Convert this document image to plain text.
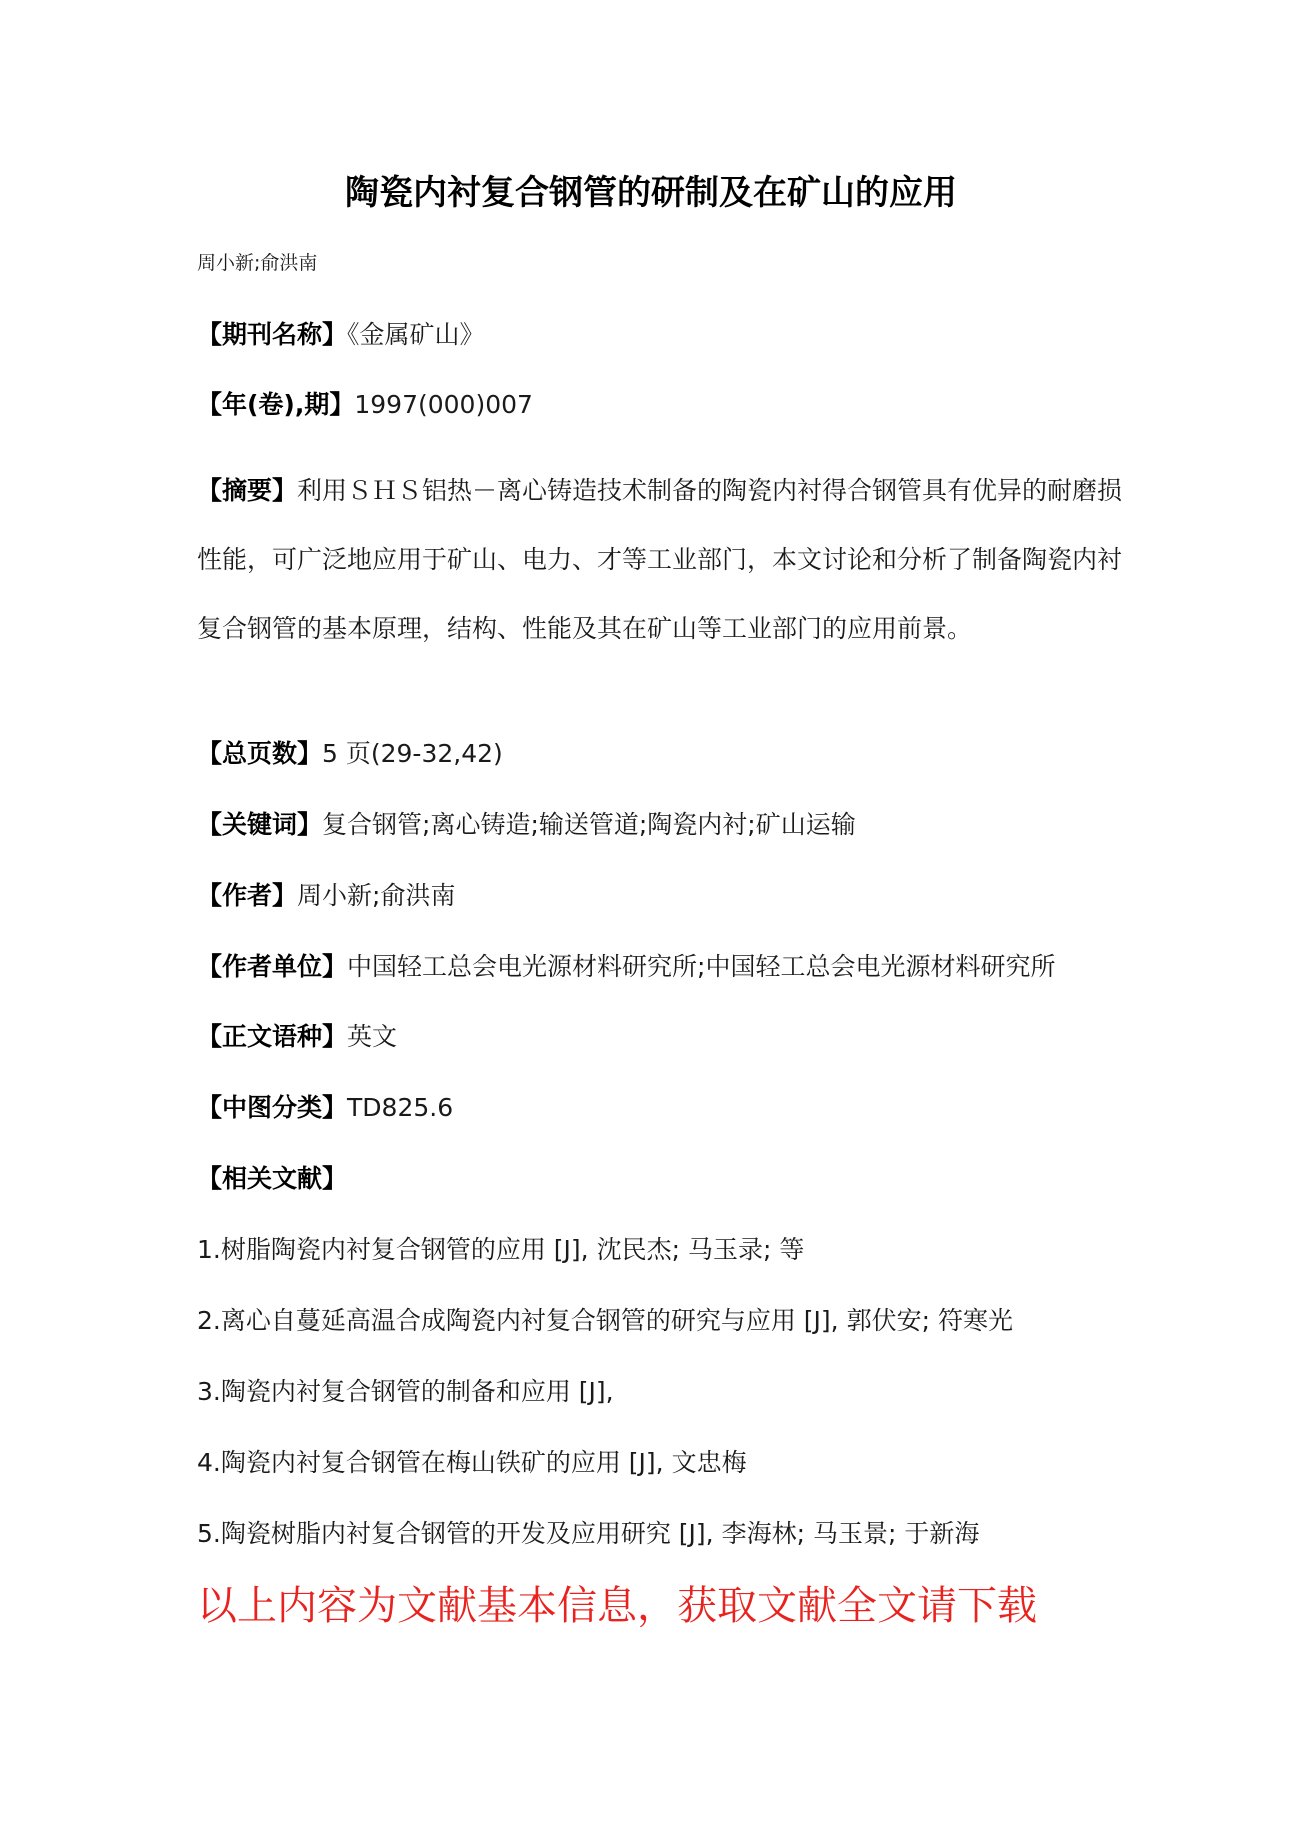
陶瓷内衬复合钢管的研制及在矿山的应用
周小新;俞洪南
【期刊名称】《金属矿山》
【年(卷),期】1997(000)007
【摘要】利用ＳＨＳ铝热－离心铸造技术制备的陶瓷内衬得合钢管具有优异的耐磨损性能，可广泛地应用于矿山、电力、才等工业部门，本文讨论和分析了制备陶瓷内衬复合钢管的基本原理，结构、性能及其在矿山等工业部门的应用前景。
【总页数】5 页(29-32,42)
【关键词】复合钢管;离心铸造;输送管道;陶瓷内衬;矿山运输
【作者】周小新;俞洪南
【作者单位】中国轻工总会电光源材料研究所;中国轻工总会电光源材料研究所
【正文语种】英文
【中图分类】TD825.6
【相关文献】
1.树脂陶瓷内衬复合钢管的应用 [J], 沈民杰; 马玉录; 等
2.离心自蔓延高温合成陶瓷内衬复合钢管的研究与应用 [J], 郭伏安; 符寒光
3.陶瓷内衬复合钢管的制备和应用 [J],
4.陶瓷内衬复合钢管在梅山铁矿的应用 [J], 文忠梅
5.陶瓷树脂内衬复合钢管的开发及应用研究 [J], 李海林; 马玉景; 于新海
以上内容为文献基本信息，获取文献全文请下载
